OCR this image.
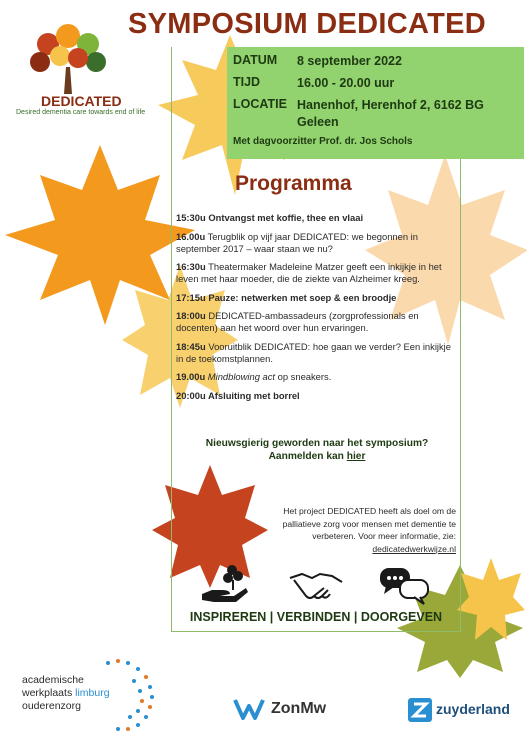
DEDICATED
Desired dementia care towards end of life
SYMPOSIUM DEDICATED
DATUM	8 september 2022
TIJD	16.00 - 20.00 uur
LOCATIE Hanenhof, Herenhof 2, 6162 BG Geleen
Met dagvoorzitter Prof. dr. Jos Schols
Programma
15:30u Ontvangst met koffie, thee en vlaai
16.00u Terugblik op vijf jaar DEDICATED: we begonnen in september 2017 – waar staan we nu?
16:30u Theatermaker Madeleine Matzer geeft een inkijkje in het leven met haar moeder, die de ziekte van Alzheimer kreeg.
17:15u Pauze: netwerken met soep & een broodje
18:00u DEDICATED-ambassadeurs (zorgprofessionals en docenten) aan het woord over hun ervaringen.
18:45u Vooruitblik DEDICATED: hoe gaan we verder? Een inkijkje in de toekomstplannen.
19.00u Mindblowing act op sneakers.
20:00u Afsluiting met borrel
Nieuwsgierig geworden naar het symposium?
Aanmelden kan hier
Het project DEDICATED heeft als doel om de palliatieve zorg voor mensen met dementie te verbeteren. Voor meer informatie, zie: dedicatedwerkwijze.nl
INSPIREREN | VERBINDEN | DOORGEVEN
academische
werkplaats limburg
ouderenzorg	ZonMw	zuyderland
